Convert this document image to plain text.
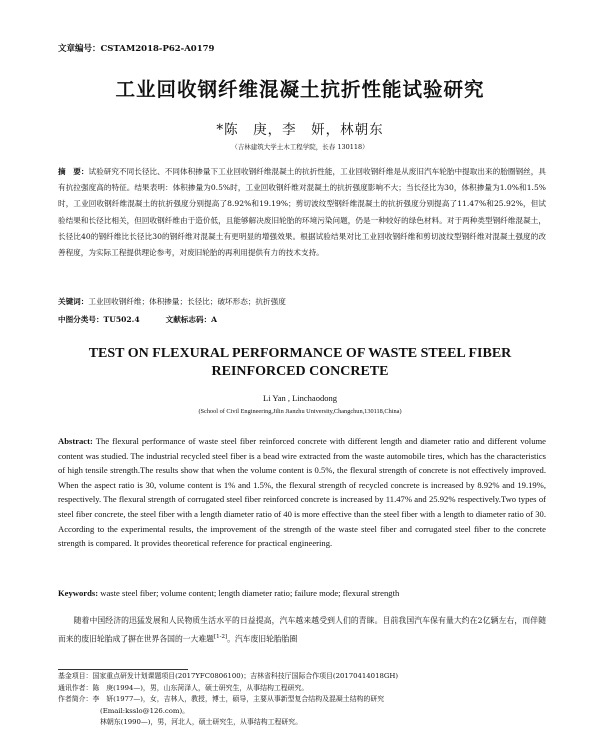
文章编号：CSTAM2018-P62-A0179
工业回收钢纤维混凝土抗折性能试验研究
*陈　庚，李　妍，林朝东
（吉林建筑大学土木工程学院，长春 130118）
摘　要：试验研究不同长径比、不同体积掺量下工业回收钢纤维混凝土的抗折性能，工业回收钢纤维是从废旧汽车轮胎中提取出来的胎圈钢丝，具有抗拉强度高的特征。结果表明：体积掺量为0.5%时，工业回收钢纤维对混凝土的抗折强度影响不大；当长径比为30，体积掺量为1.0%和1.5%时，工业回收钢纤维混凝土的抗折强度分别提高了8.92%和19.19%；剪切波纹型钢纤维混凝土的抗折强度分别提高了11.47%和25.92%，但试验结果和长径比相关，但回收钢纤维由于造价低，且能够解决废旧轮胎的环境污染问题，仍是一种较好的绿色材料。对于两种类型钢纤维混凝土，长径比40的钢纤维比长径比30的钢纤维对混凝土有更明显的增强效果。根据试验结果对比工业回收钢纤维和剪切波纹型钢纤维对混凝土强度的改善程度，为实际工程提供理论参考，对废旧轮胎的再利用提供有力的技术支持。
关键词：工业回收钢纤维；体积掺量；长径比；破坏形态；抗折强度
中图分类号：TU502.4	文献标志码：A
TEST ON FLEXURAL PERFORMANCE OF WASTE STEEL FIBER
REINFORCED CONCRETE
Li Yan , Linchaodong
(School of Civil Engineering,Jilin Jianzhu University,Changchun,130118,China)
Abstract: The flexural performance of waste steel fiber reinforced concrete with different length and diameter ratio and different volume content was studied. The industrial recycled steel fiber is a bead wire extracted from the waste automobile tires, which has the characteristics of high tensile strength.The results show that when the volume content is 0.5%, the flexural strength of concrete is not effectively improved. When the aspect ratio is 30, volume content is 1% and 1.5%, the flexural strength of recycled concrete is increased by 8.92% and 19.19%, respectively. The flexural strength of corrugated steel fiber reinforced concrete is increased by 11.47% and 25.92% respectively.Two types of steel fiber concrete, the steel fiber with a length diameter ratio of 40 is more effective than the steel fiber with a length to diameter ratio of 30. According to the experimental results, the improvement of the strength of the waste steel fiber and corrugated steel fiber to the concrete strength is compared. It provides theoretical reference for practical engineering.
Keywords: waste steel fiber; volume content; length diameter ratio; failure mode; flexural strength
随着中国经济的迅猛发展和人民物质生活水平的日益提高，汽车越来越受到人们的青睐。目前我国汽车保有量大约在2亿辆左右，而伴随而来的废旧轮胎成了摒在世界各国的一大难题[1-2]。汽车废旧轮胎胎圈
基金项目：国家重点研发计划课题项目(2017YFC0806100)；吉林省科技厅国际合作项目(20170414018GH)
通讯作者：陈　庚(1994—)，男，山东菏泽人，硕士研究生，从事结构工程研究。
作者简介：李　妍(1977—)，女，吉林人，教授，博士，硕导，主要从事新型复合结构及混凝土结构的研究
(Email:ksslo@126.com)。
林朝东(1990—)，男，河北人，硕士研究生，从事结构工程研究。
